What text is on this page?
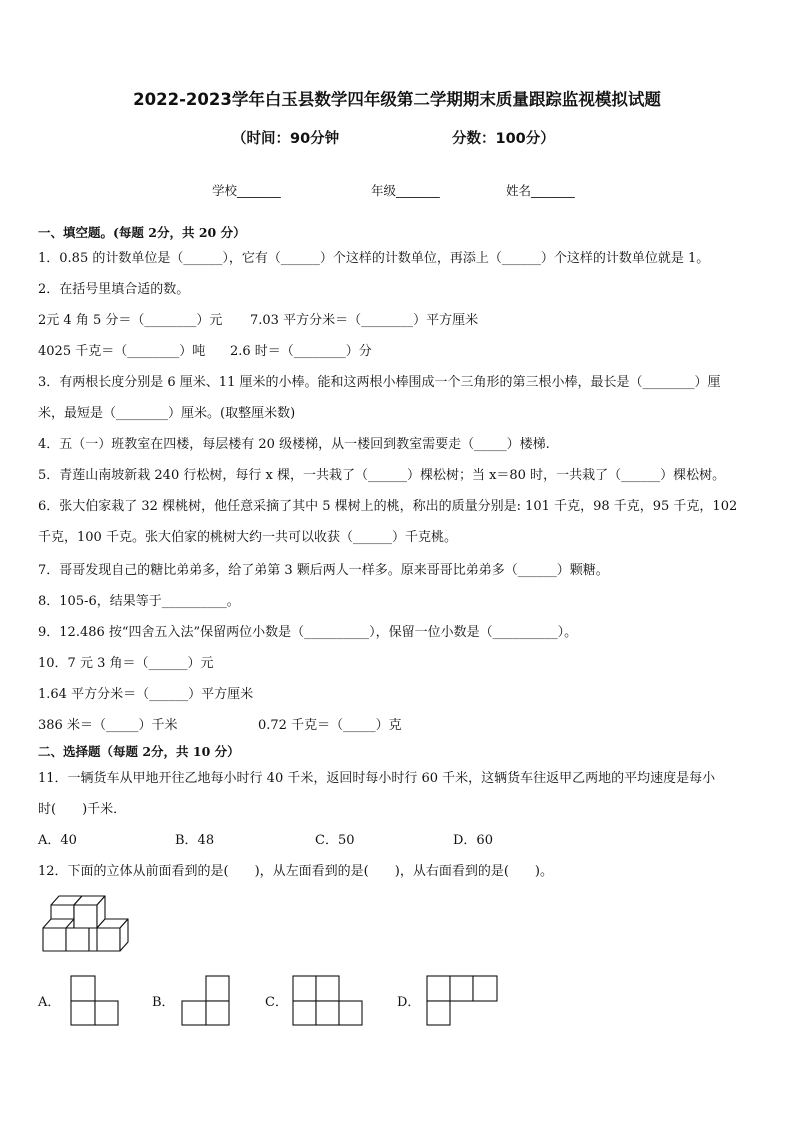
2022-2023学年白玉县数学四年级第二学期期末质量跟踪监视模拟试题
（时间：90分钟	分数：100分）
学校_______	年级_______	姓名_______
一、填空题。(每题 2分，共 20 分）
1．0.85 的计数单位是（______），它有（______）个这样的计数单位，再添上（______）个这样的计数单位就是 1。
2．在括号里填合适的数。
2元 4 角 5 分＝（________）元 7.03 平方分米＝（________）平方厘米
4025 千克＝（________）吨 2.6 时＝（________）分
3．有两根长度分别是 6 厘米、11 厘米的小棒。能和这两根小棒围成一个三角形的第三根小棒，最长是（________）厘
米，最短是（________）厘米。(取整厘米数)
4．五（一）班教室在四楼，每层楼有 20 级楼梯，从一楼回到教室需要走（_____）楼梯.
5．青莲山南坡新栽 240 行松树，每行 x 棵，一共栽了（______）棵松树；当 x＝80 时，一共栽了（______）棵松树。
6．张大伯家栽了 32 棵桃树，他任意采摘了其中 5 棵树上的桃，称出的质量分别是: 101 千克，98 千克，95 千克，102
千克，100 千克。张大伯家的桃树大约一共可以收获（______）千克桃。
7．哥哥发现自己的糖比弟弟多，给了弟第 3 颗后两人一样多。原来哥哥比弟弟多（______）颗糖。
8．105-6，结果等于__________。
9．12.486 按“四舍五入法”保留两位小数是（__________），保留一位小数是（__________）。
10．7 元 3 角＝（______）元
1.64 平方分米＝（______）平方厘米
386 米＝（_____）千米	0.72 千克＝（_____）克
二、选择题（每题 2分，共 10 分）
11．一辆货车从甲地开往乙地每小时行 40 千米，返回时每小时行 60 千米，这辆货车往返甲乙两地的平均速度是每小
时(　　)千米．
A．40	B．48	C．50	D．60
12．下面的立体从前面看到的是(　　)，从左面看到的是(　　)，从右面看到的是(　　)。
A．	B．	C．	D．
